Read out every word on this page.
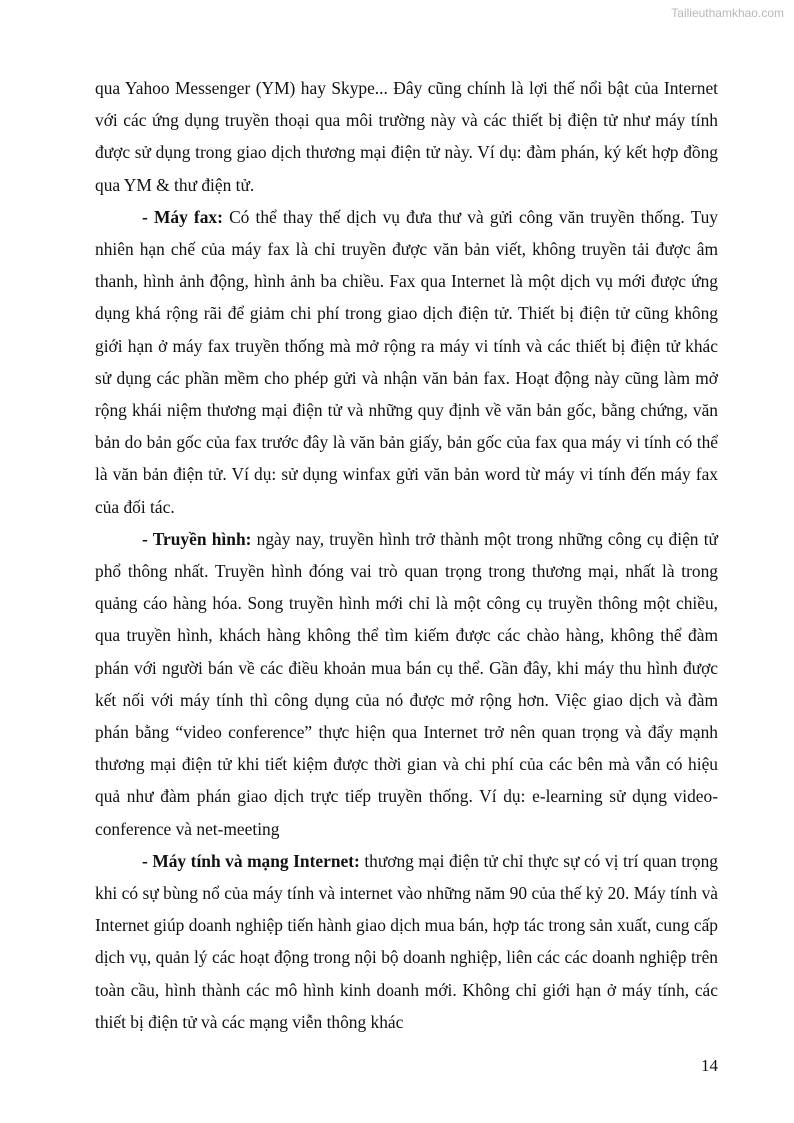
Tailieuthamkhao.com

qua Yahoo Messenger (YM) hay Skype... Đây cũng chính là lợi thế nổi bật của Internet với các ứng dụng truyền thoại qua môi trường này và các thiết bị điện tử như máy tính được sử dụng trong giao dịch thương mại điện tử này. Ví dụ: đàm phán, ký kết hợp đồng qua YM & thư điện tử.

- Máy fax: Có thể thay thế dịch vụ đưa thư và gửi công văn truyền thống. Tuy nhiên hạn chế của máy fax là chỉ truyền được văn bản viết, không truyền tải được âm thanh, hình ảnh động, hình ảnh ba chiều. Fax qua Internet là một dịch vụ mới được ứng dụng khá rộng rãi để giảm chi phí trong giao dịch điện tử. Thiết bị điện tử cũng không giới hạn ở máy fax truyền thống mà mở rộng ra máy vi tính và các thiết bị điện tử khác sử dụng các phần mềm cho phép gửi và nhận văn bản fax. Hoạt động này cũng làm mở rộng khái niệm thương mại điện tử và những quy định về văn bản gốc, bằng chứng, văn bản do bản gốc của fax trước đây là văn bản giấy, bản gốc của fax qua máy vi tính có thể là văn bản điện tử. Ví dụ: sử dụng winfax gửi văn bản word từ máy vi tính đến máy fax của đối tác.

- Truyền hình: ngày nay, truyền hình trở thành một trong những công cụ điện tử phổ thông nhất. Truyền hình đóng vai trò quan trọng trong thương mại, nhất là trong quảng cáo hàng hóa. Song truyền hình mới chỉ là một công cụ truyền thông một chiều, qua truyền hình, khách hàng không thể tìm kiếm được các chào hàng, không thể đàm phán với người bán về các điều khoản mua bán cụ thể. Gần đây, khi máy thu hình được kết nối với máy tính thì công dụng của nó được mở rộng hơn. Việc giao dịch và đàm phán bằng “video conference” thực hiện qua Internet trở nên quan trọng và đẩy mạnh thương mại điện tử khi tiết kiệm được thời gian và chi phí của các bên mà vẫn có hiệu quả như đàm phán giao dịch trực tiếp truyền thống. Ví dụ: e-learning sử dụng video-conference và net-meeting

- Máy tính và mạng Internet: thương mại điện tử chỉ thực sự có vị trí quan trọng khi có sự bùng nổ của máy tính và internet vào những năm 90 của thế kỷ 20. Máy tính và Internet giúp doanh nghiệp tiến hành giao dịch mua bán, hợp tác trong sản xuất, cung cấp dịch vụ, quản lý các hoạt động trong nội bộ doanh nghiệp, liên các các doanh nghiệp trên toàn cầu, hình thành các mô hình kinh doanh mới. Không chỉ giới hạn ở máy tính, các thiết bị điện tử và các mạng viễn thông khác

14
